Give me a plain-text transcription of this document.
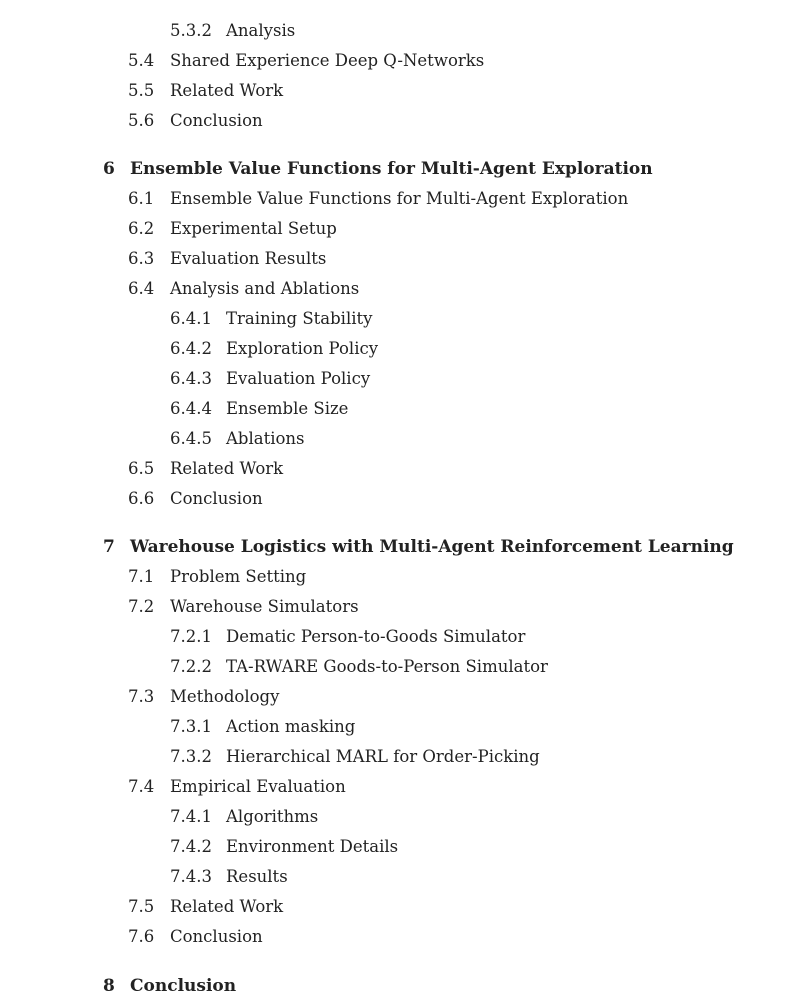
5.3.2 Analysis
5.4 Shared Experience Deep Q-Networks
5.5 Related Work
5.6 Conclusion
6 Ensemble Value Functions for Multi-Agent Exploration
6.1 Ensemble Value Functions for Multi-Agent Exploration
6.2 Experimental Setup
6.3 Evaluation Results
6.4 Analysis and Ablations
6.4.1 Training Stability
6.4.2 Exploration Policy
6.4.3 Evaluation Policy
6.4.4 Ensemble Size
6.4.5 Ablations
6.5 Related Work
6.6 Conclusion
7 Warehouse Logistics with Multi-Agent Reinforcement Learning
7.1 Problem Setting
7.2 Warehouse Simulators
7.2.1 Dematic Person-to-Goods Simulator
7.2.2 TA-RWARE Goods-to-Person Simulator
7.3 Methodology
7.3.1 Action masking
7.3.2 Hierarchical MARL for Order-Picking
7.4 Empirical Evaluation
7.4.1 Algorithms
7.4.2 Environment Details
7.4.3 Results
7.5 Related Work
7.6 Conclusion
8 Conclusion
